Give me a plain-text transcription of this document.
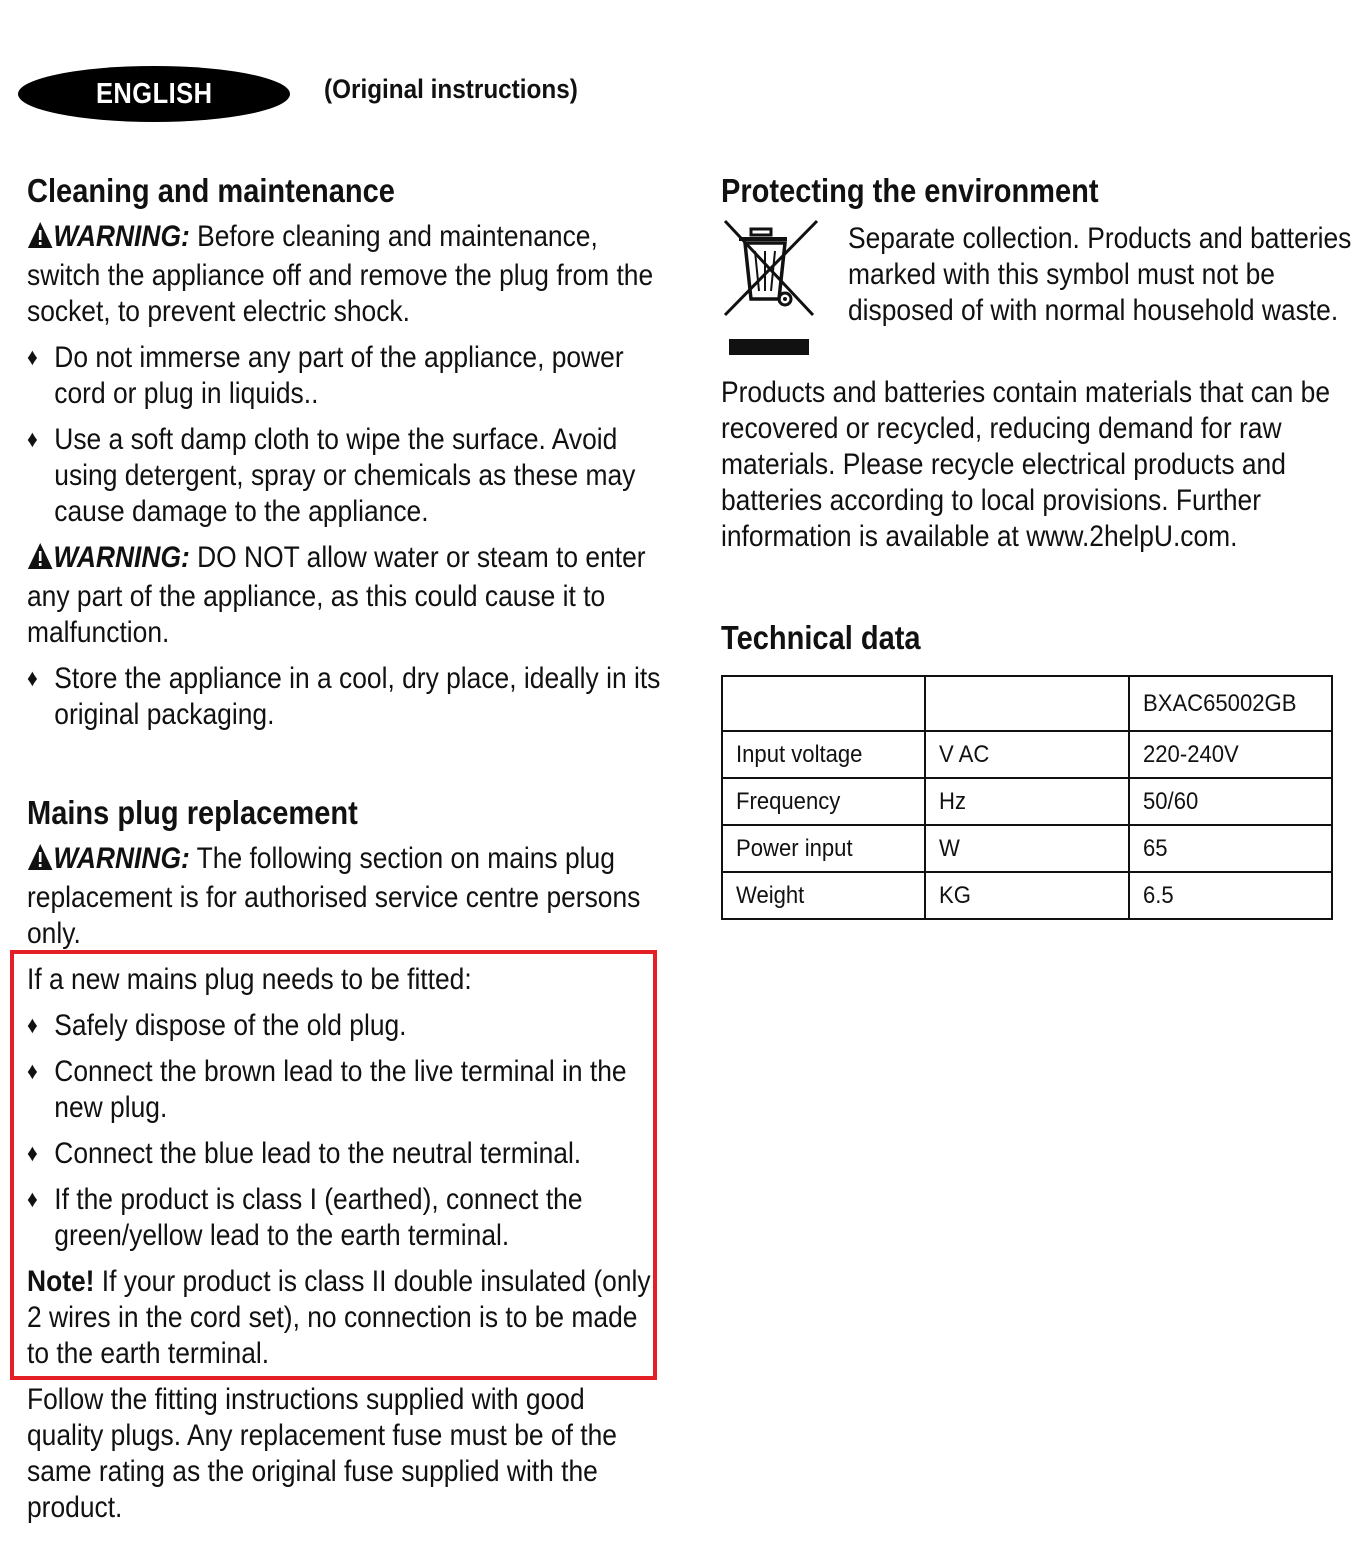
ENGLISH	(Original instructions)
Cleaning and maintenance

WARNING: Before cleaning and maintenance, switch the appliance off and remove the plug from the socket, to prevent electric shock.

♦ Do not immerse any part of the appliance, power cord or plug in liquids..
♦ Use a soft damp cloth to wipe the surface. Avoid using detergent, spray or chemicals as these may cause damage to the appliance.

WARNING: DO NOT allow water or steam to enter any part of the appliance, as this could cause it to malfunction.

♦ Store the appliance in a cool, dry place, ideally in its original packaging.
Mains plug replacement

WARNING: The following section on mains plug replacement is for authorised service centre persons only.

If a new mains plug needs to be fitted:

♦ Safely dispose of the old plug.
♦ Connect the brown lead to the live terminal in the new plug.
♦ Connect the blue lead to the neutral terminal.
♦ If the product is class I (earthed), connect the green/yellow lead to the earth terminal.

Note! If your product is class II double insulated (only 2 wires in the cord set), no connection is to be made to the earth terminal.

Follow the fitting instructions supplied with good quality plugs. Any replacement fuse must be of the same rating as the original fuse supplied with the product.

Protecting the environment

Separate collection. Products and batteries marked with this symbol must not be disposed of with normal household waste.

Products and batteries contain materials that can be recovered or recycled, reducing demand for raw materials. Please recycle electrical products and batteries according to local provisions. Further information is available at www.2helpU.com.

Technical data
		BXAC65002GB
Input voltage	V AC	220-240V
Frequency	Hz	50/60
Power input	W	65
Weight	KG	6.5
